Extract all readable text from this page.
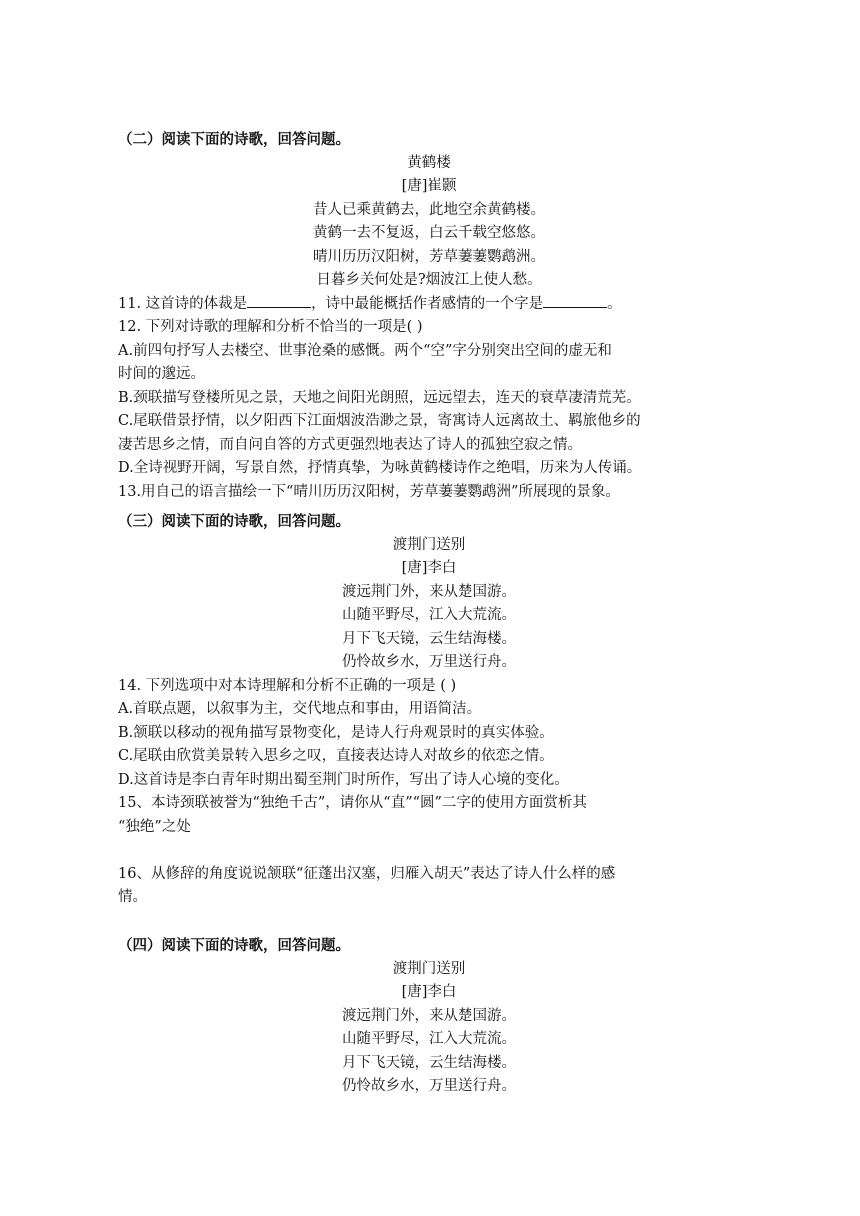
（二）阅读下面的诗歌，回答问题。
黄鹤楼
[唐]崔颢
昔人已乘黄鹤去，此地空余黄鹤楼。
黄鹤一去不复返，白云千载空悠悠。
晴川历历汉阳树，芳草萋萋鹦鹉洲。
日暮乡关何处是?烟波江上使人愁。
11. 这首诗的体裁是	，诗中最能概括作者感情的一个字是	。
12. 下列对诗歌的理解和分析不恰当的一项是( )
A.前四句抒写人去楼空、世事沧桑的感慨。两个“空”字分别突出空间的虚无和
时间的邈远。
B.颈联描写登楼所见之景，天地之间阳光朗照，远远望去，连天的衰草凄清荒芜。
C.尾联借景抒情，以夕阳西下江面烟波浩渺之景，寄寓诗人远离故土、羁旅他乡的
凄苦思乡之情，而自问自答的方式更强烈地表达了诗人的孤独空寂之情。
D.全诗视野开阔，写景自然，抒情真挚，为咏黄鹤楼诗作之绝唱，历来为人传诵。
13.用自己的语言描绘一下“晴川历历汉阳树，芳草萋萋鹦鹉洲”所展现的景象。
（三）阅读下面的诗歌，回答问题。
渡荆门送别
[唐]李白
渡远荆门外，来从楚国游。
山随平野尽，江入大荒流。
月下飞天镜，云生结海楼。
仍怜故乡水，万里送行舟。
14. 下列选项中对本诗理解和分析不正确的一项是 ( )
A.首联点题，以叙事为主，交代地点和事由，用语简洁。
B.颔联以移动的视角描写景物变化，是诗人行舟观景时的真实体验。
C.尾联由欣赏美景转入思乡之叹，直接表达诗人对故乡的依恋之情。
D.这首诗是李白青年时期出蜀至荆门时所作，写出了诗人心境的变化。
15、本诗颈联被誉为“独绝千古”，请你从“直”“圆”二字的使用方面赏析其
“独绝”之处
16、从修辞的角度说说颔联“征蓬出汉塞，归雁入胡天”表达了诗人什么样的感
情。
（四）阅读下面的诗歌，回答问题。
渡荆门送别
[唐]李白
渡远荆门外，来从楚国游。
山随平野尽，江入大荒流。
月下飞天镜，云生结海楼。
仍怜故乡水，万里送行舟。
